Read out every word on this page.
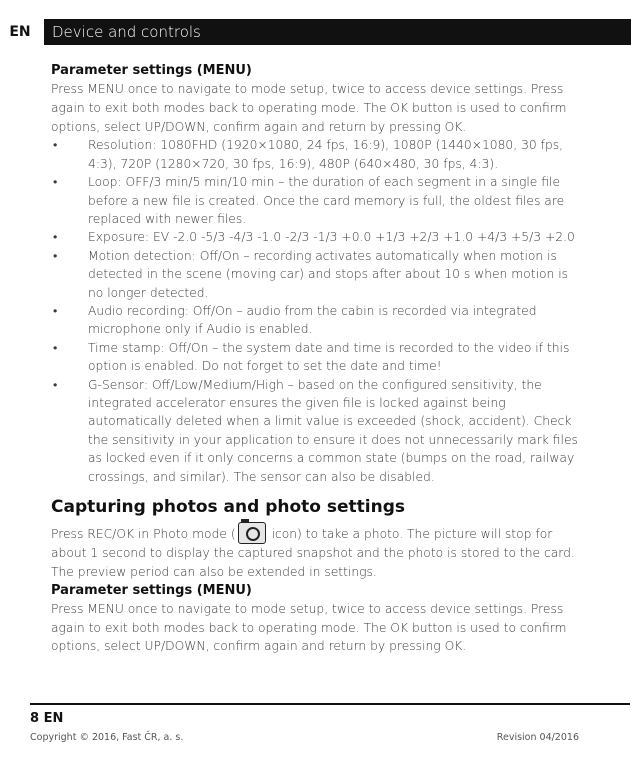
EN	Device and controls
Parameter settings (MENU)

Press MENU once to navigate to mode setup, twice to access device settings. Press again to exit both modes back to operating mode. The OK button is used to confirm options, select UP/DOWN, confirm again and return by pressing OK.

• Resolution: 1080FHD (1920×1080, 24 fps, 16:9), 1080P (1440×1080, 30 fps, 4:3), 720P (1280×720, 30 fps, 16:9), 480P (640×480, 30 fps, 4:3).
• Loop: OFF/3 min/5 min/10 min – the duration of each segment in a single file before a new file is created. Once the card memory is full, the oldest files are replaced with newer files.
• Exposure: EV -2.0 -5/3 -4/3 -1.0 -2/3 -1/3 +0.0 +1/3 +2/3 +1.0 +4/3 +5/3 +2.0
• Motion detection: Off/On – recording activates automatically when motion is detected in the scene (moving car) and stops after about 10 s when motion is no longer detected.
• Audio recording: Off/On – audio from the cabin is recorded via integrated microphone only if Audio is enabled.
• Time stamp: Off/On – the system date and time is recorded to the video if this option is enabled. Do not forget to set the date and time!
• G-Sensor: Off/Low/Medium/High – based on the configured sensitivity, the integrated accelerator ensures the given file is locked against being automatically deleted when a limit value is exceeded (shock, accident). Check the sensitivity in your application to ensure it does not unnecessarily mark files as locked even if it only concerns a common state (bumps on the road, railway crossings, and similar). The sensor can also be disabled.
Capturing photos and photo settings

Press REC/OK in Photo mode (	icon) to take a photo. The picture will stop for about 1 second to display the captured snapshot and the photo is stored to the card. The preview period can also be extended in settings.

Parameter settings (MENU)

Press MENU once to navigate to mode setup, twice to access device settings. Press again to exit both modes back to operating mode. The OK button is used to confirm options, select UP/DOWN, confirm again and return by pressing OK.

8 EN
Copyright © 2016, Fast ČR, a. s.	Revision 04/2016
